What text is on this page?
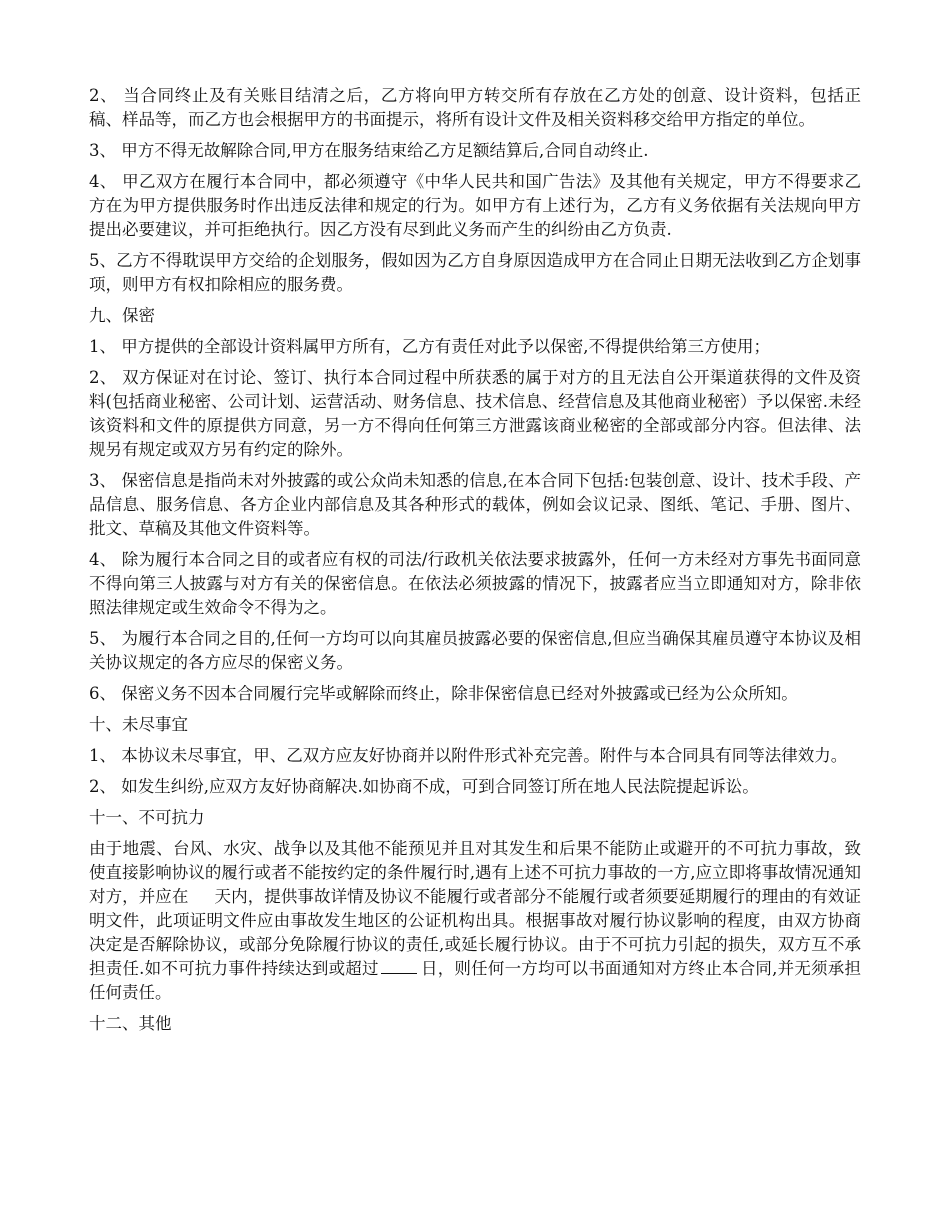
2、 当合同终止及有关账目结清之后，乙方将向甲方转交所有存放在乙方处的创意、设计资料，包括正稿、样品等，而乙方也会根据甲方的书面提示，将所有设计文件及相关资料移交给甲方指定的单位。

3、 甲方不得无故解除合同,甲方在服务结束给乙方足额结算后,合同自动终止.

4、 甲乙双方在履行本合同中，都必须遵守《中华人民共和国广告法》及其他有关规定，甲方不得要求乙方在为甲方提供服务时作出违反法律和规定的行为。如甲方有上述行为，乙方有义务依据有关法规向甲方提出必要建议，并可拒绝执行。因乙方没有尽到此义务而产生的纠纷由乙方负责.

5、乙方不得耽误甲方交给的企划服务，假如因为乙方自身原因造成甲方在合同止日期无法收到乙方企划事项，则甲方有权扣除相应的服务费。

九、保密

1、 甲方提供的全部设计资料属甲方所有，乙方有责任对此予以保密,不得提供给第三方使用；

2、 双方保证对在讨论、签订、执行本合同过程中所获悉的属于对方的且无法自公开渠道获得的文件及资料(包括商业秘密、公司计划、运营活动、财务信息、技术信息、经营信息及其他商业秘密）予以保密.未经该资料和文件的原提供方同意，另一方不得向任何第三方泄露该商业秘密的全部或部分内容。但法律、法规另有规定或双方另有约定的除外。

3、 保密信息是指尚未对外披露的或公众尚未知悉的信息,在本合同下包括:包装创意、设计、技术手段、产品信息、服务信息、各方企业内部信息及其各种形式的载体，例如会议记录、图纸、笔记、手册、图片、批文、草稿及其他文件资料等。

4、 除为履行本合同之目的或者应有权的司法/行政机关依法要求披露外，任何一方未经对方事先书面同意不得向第三人披露与对方有关的保密信息。在依法必须披露的情况下，披露者应当立即通知对方，除非依照法律规定或生效命令不得为之。

5、 为履行本合同之目的,任何一方均可以向其雇员披露必要的保密信息,但应当确保其雇员遵守本协议及相关协议规定的各方应尽的保密义务。

6、 保密义务不因本合同履行完毕或解除而终止，除非保密信息已经对外披露或已经为公众所知。

十、未尽事宜

1、 本协议未尽事宜，甲、乙双方应友好协商并以附件形式补充完善。附件与本合同具有同等法律效力。

2、 如发生纠纷,应双方友好协商解决.如协商不成，可到合同签订所在地人民法院提起诉讼。

十一、不可抗力

由于地震、台风、水灾、战争以及其他不能预见并且对其发生和后果不能防止或避开的不可抗力事故，致使直接影响协议的履行或者不能按约定的条件履行时,遇有上述不可抗力事故的一方,应立即将事故情况通知对方，并应在 天内，提供事故详情及协议不能履行或者部分不能履行或者须要延期履行的理由的有效证明文件，此项证明文件应由事故发生地区的公证机构出具。根据事故对履行协议影响的程度，由双方协商决定是否解除协议，或部分免除履行协议的责任,或延长履行协议。由于不可抗力引起的损失，双方互不承担责任.如不可抗力事件持续达到或超过	日，则任何一方均可以书面通知对方终止本合同,并无须承担任何责任。

十二、其他
